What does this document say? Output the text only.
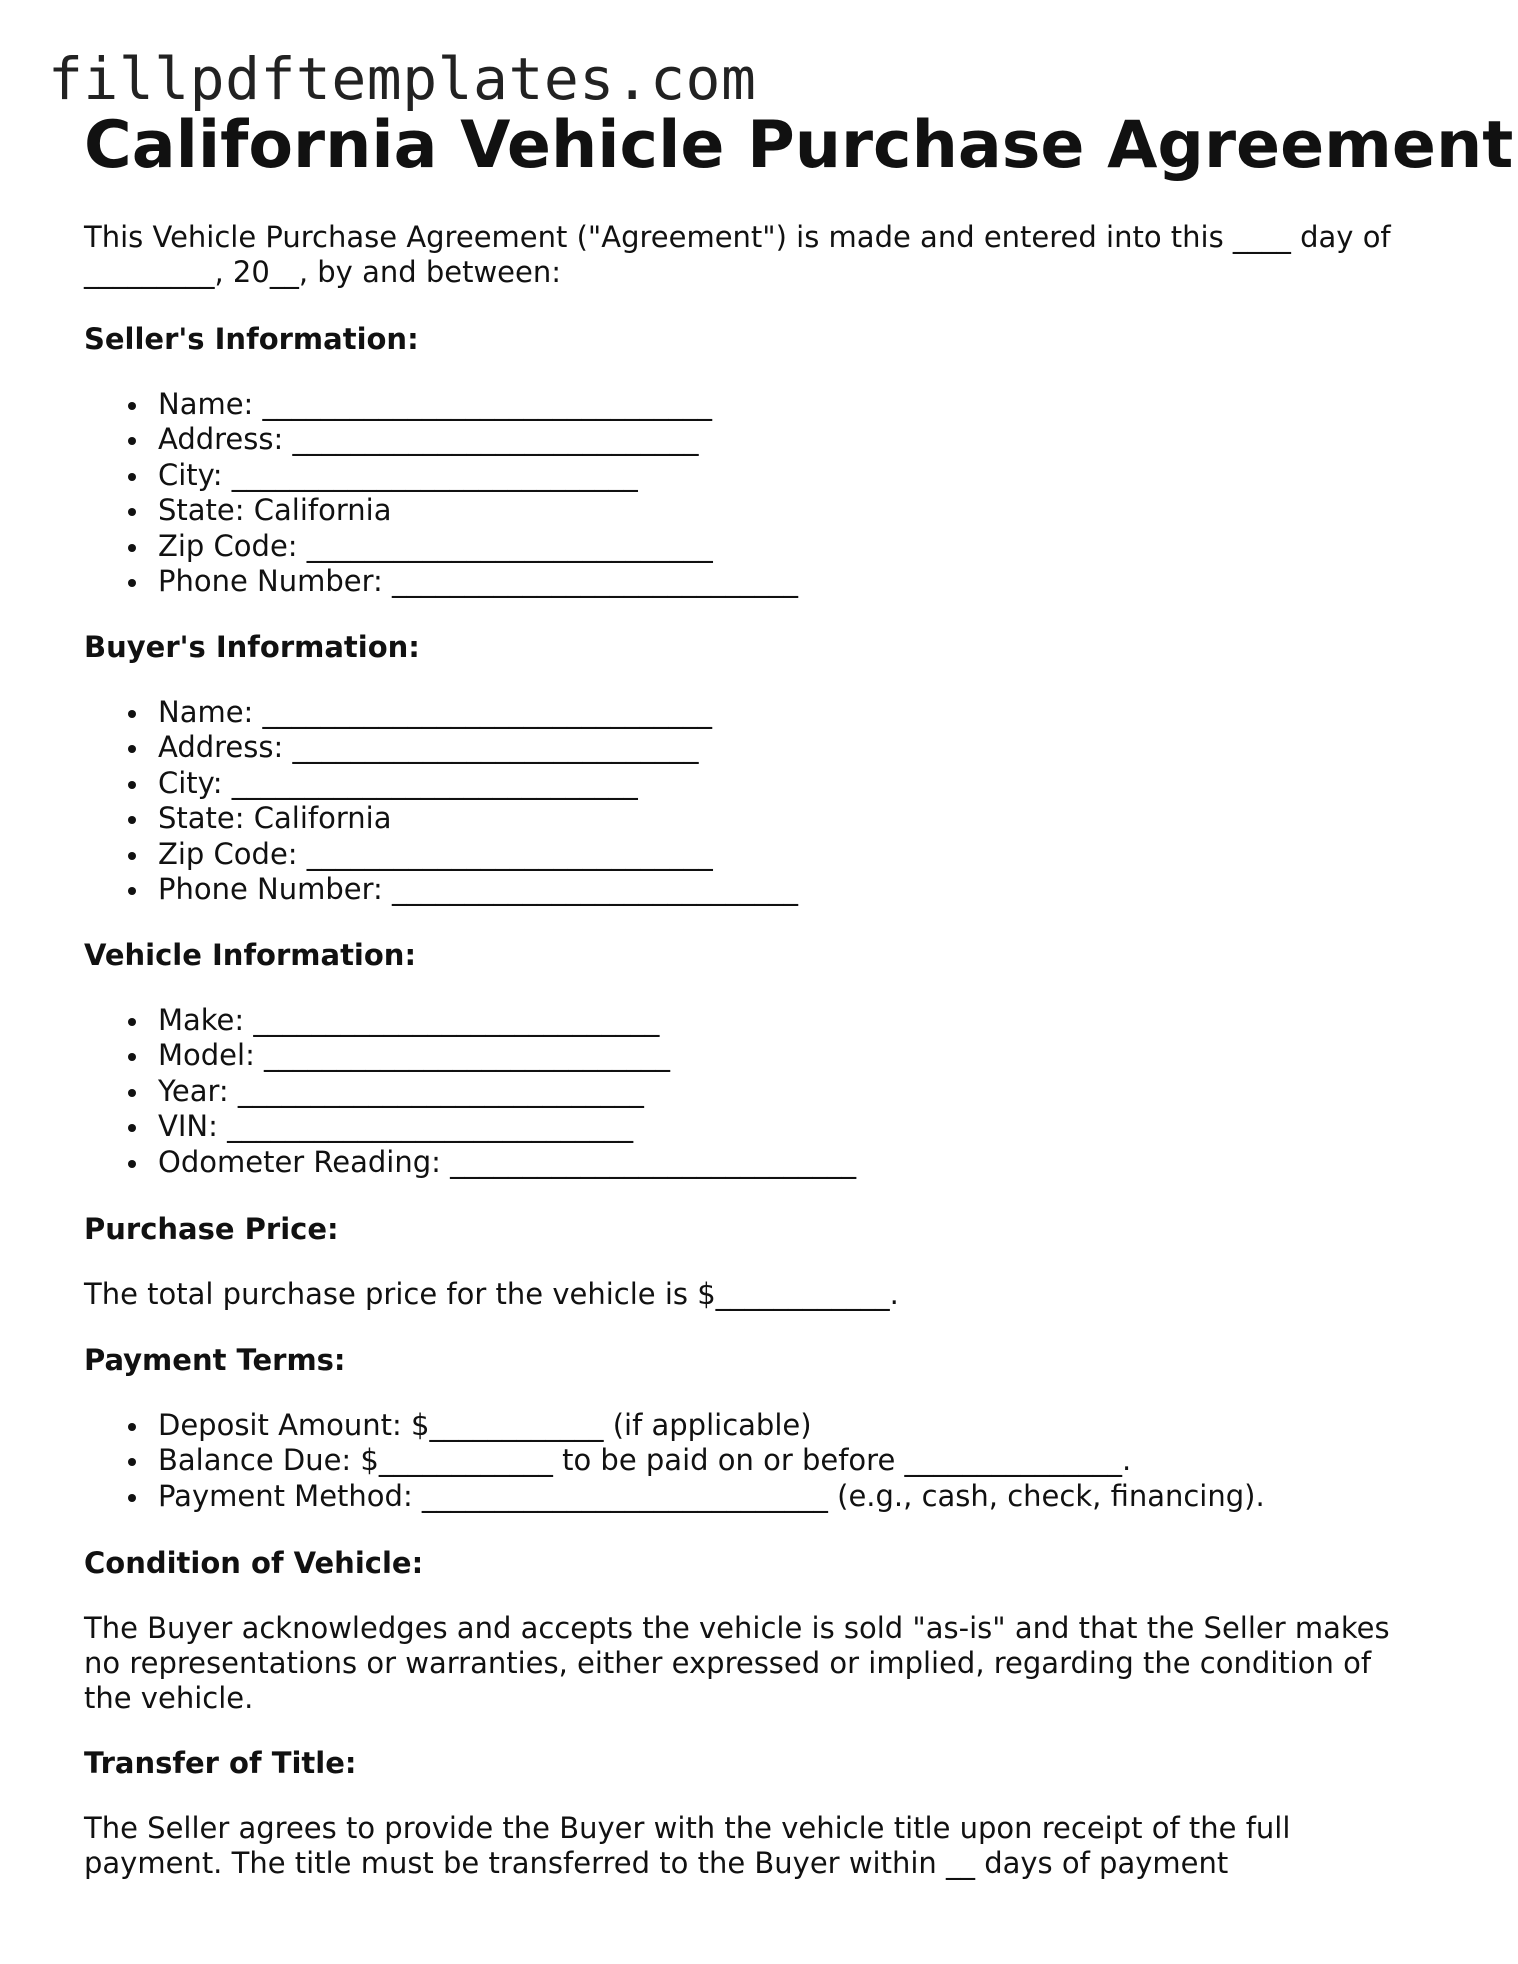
fillpdftemplates.com
California Vehicle Purchase Agreement

This Vehicle Purchase Agreement ("Agreement") is made and entered into this ____ day of

_________, 20__, by and between:

Seller's Information:
Name: _______________________________
Address: ____________________________
City: ____________________________
State: California
Zip Code: ____________________________
Phone Number: ____________________________
Buyer's Information:
Name: _______________________________
Address: ____________________________
City: ____________________________
State: California
Zip Code: ____________________________
Phone Number: ____________________________
Vehicle Information:
Make: ____________________________
Model: ____________________________
Year: ____________________________
VIN: ____________________________
Odometer Reading: ____________________________
Purchase Price:

The total purchase price for the vehicle is $____________.

Payment Terms:
Deposit Amount: $____________ (if applicable)
Balance Due: $____________ to be paid on or before _______________.
Payment Method: ____________________________ (e.g., cash, check, financing).
Condition of Vehicle:

The Buyer acknowledges and accepts the vehicle is sold "as-is" and that the Seller makes

no representations or warranties, either expressed or implied, regarding the condition of

the vehicle.

Transfer of Title:

The Seller agrees to provide the Buyer with the vehicle title upon receipt of the full

payment. The title must be transferred to the Buyer within __ days of payment
